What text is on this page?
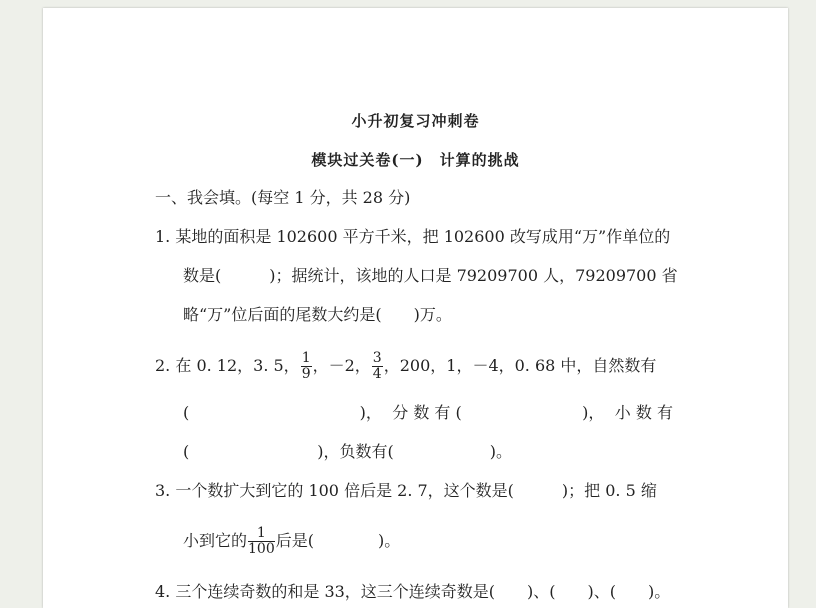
小升初复习冲刺卷
模块过关卷(一)　计算的挑战
一、我会填。(每空 1 分，共 28 分)
1. 某地的面积是 102600 平方千米，把 102600 改写成用“万”作单位的
数是(　　　)；据统计，该地的人口是 79209700 人，79209700 省
略“万”位后面的尾数大约是(　　)万。
2. 在 0. 12，3. 5， $\frac{1}{9}$ ，－2， $\frac{3}{4}$ ，200，1，－4，0. 68 中，自然数有
(	)， 分 数 有 (	)， 小 数 有
(　　　　　　　　)，负数有(　　　　　　)。
3. 一个数扩大到它的 100 倍后是 2. 7，这个数是(　　　)；把 0. 5 缩
小到它的 $\frac{1}{100}$ 后是(　　　　)。
4. 三个连续奇数的和是 33，这三个连续奇数是(　　)、(　　)、(　　)。
